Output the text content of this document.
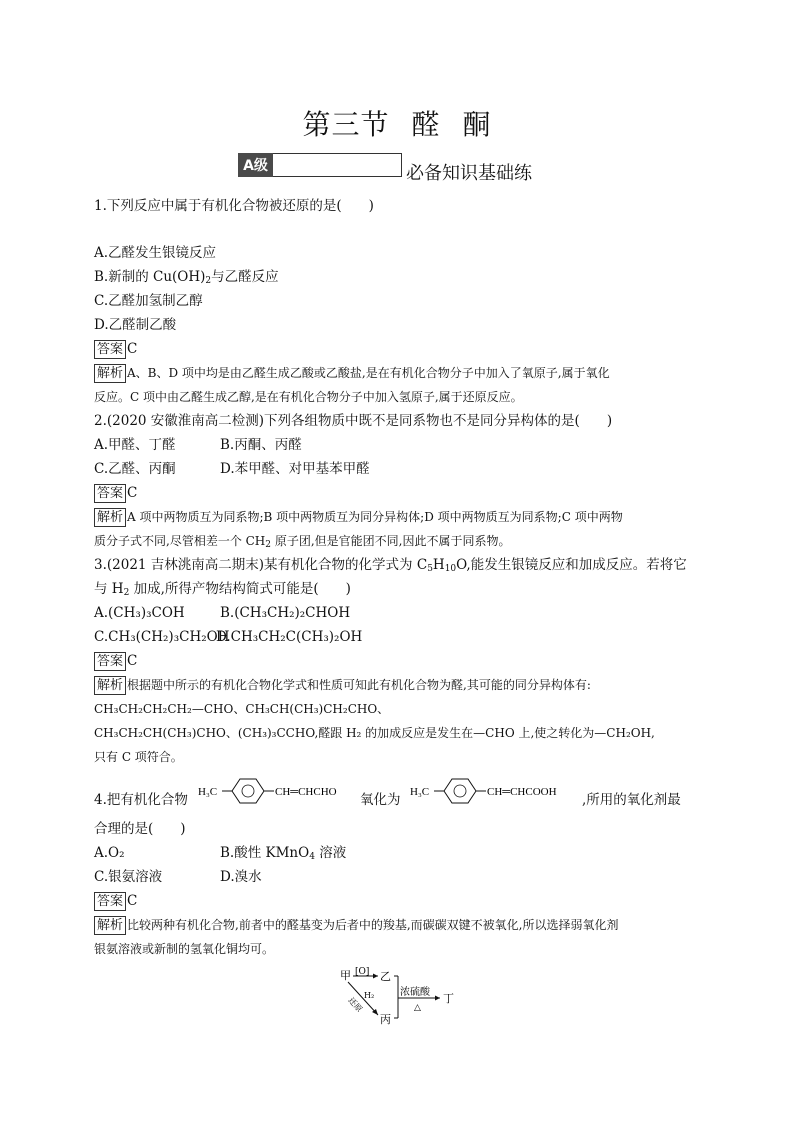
第三节 醛 酮
A级	必备知识基础练
1.下列反应中属于有机化合物被还原的是(　　)
A.乙醛发生银镜反应
B.新制的 $Cu(OH)_2$与乙醛反应
C.乙醛加氢制乙醇
D.乙醛制乙酸
答案 C
解析 A、B、D 项中均是由乙醛生成乙酸或乙酸盐,是在有机化合物分子中加入了氧原子,属于氧化
反应。C 项中由乙醛生成乙醇,是在有机化合物分子中加入氢原子,属于还原反应。
2.(2020 安徽淮南高二检测)下列各组物质中既不是同系物也不是同分异构体的是(　　)
A.甲醛、丁醛	B.丙酮、丙醛
C.乙醛、丙酮	D.苯甲醛、对甲基苯甲醛
答案 C
解析 A 项中两物质互为同系物;B 项中两物质互为同分异构体;D 项中两物质互为同系物;C 项中两物
质分子式不同,尽管相差一个 $CH_2$ 原子团,但是官能团不同,因此不属于同系物。
3.(2021 吉林洮南高二期末)某有机化合物的化学式为 $C_5H_{10}O$,能发生银镜反应和加成反应。若将它
与 $H_2$ 加成,所得产物结构简式可能是(　　)
A.(CH₃)₃COH	B.(CH₃CH₂)₂CHOH
C.CH₃(CH₂)₃CH₂OH
D.CH₃CH₂C(CH₃)₂OH
答案 C
解析 根据题中所示的有机化合物化学式和性质可知此有机化合物为醛,其可能的同分异构体有:
CH₃CH₂CH₂CH₂—CHO、CH₃CH(CH₃)CH₂CHO、
CH₃CH₂CH(CH₃)CHO、(CH₃)₃CCHO,醛跟 H₂ 的加成反应是发生在—CHO 上,使之转化为—CH₂OH,
只有 C 项符合。
4.把有机化合物 H₃C	CH═CHCHO 氧化为 H₃C	CH═CHCOOH ,所用的氧化剂最
合理的是(　　)
A.O₂	B.酸性 KMnO$_4$ 溶液
C.银氨溶液	D.溴水
答案 C
解析 比较两种有机化合物,前者中的醛基变为后者中的羧基,而碳碳双键不被氧化,所以选择弱氧化剂
银氨溶液或新制的氢氧化铜均可。
甲 [O] 乙
H₂
还原
丙
浓硫酸
△
丁
